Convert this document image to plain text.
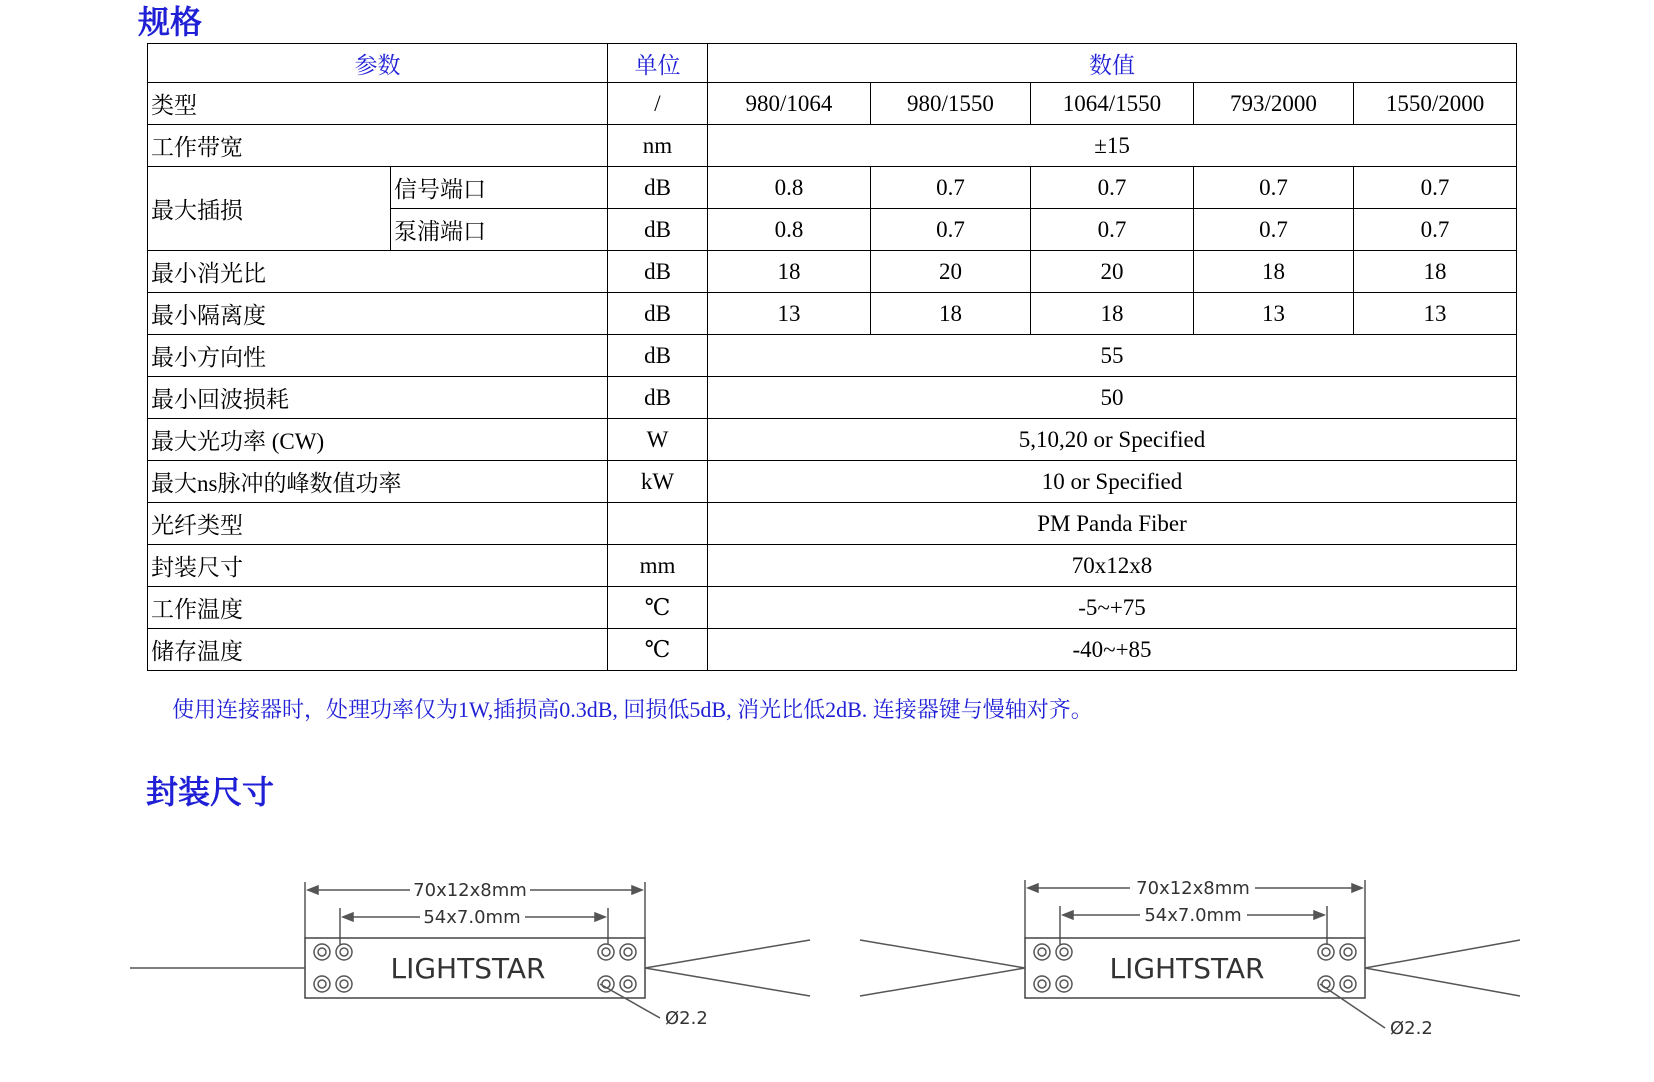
规格
参数		单位	数值				
类型		/	980/1064	980/1550	1064/1550	793/2000	1550/2000
工作带宽		nm	±15				
最大插损	信号端口	dB	0.8	0.7	0.7	0.7	0.7
	泵浦端口	dB	0.8	0.7	0.7	0.7	0.7
最小消光比		dB	18	20	20	18	18
最小隔离度		dB	13	18	18	13	13
最小方向性		dB	55				
最小回波损耗		dB	50				
最大光功率 (CW)		W	5,10,20 or Specified				
最大ns脉冲的峰数值功率		kW	10 or Specified				
光纤类型			PM Panda Fiber				
封装尺寸		mm	70x12x8				
工作温度		℃	-5~+75				
储存温度		℃	-40~+85				
使用连接器时，处理功率仅为1W,插损高0.3dB, 回损低5dB, 消光比低2dB. 连接器键与慢轴对齐。
封装尺寸
70x12x8mm
54x7.0mm
LIGHTSTAR
Ø2.2
70x12x8mm
54x7.0mm
LIGHTSTAR
Ø2.2
